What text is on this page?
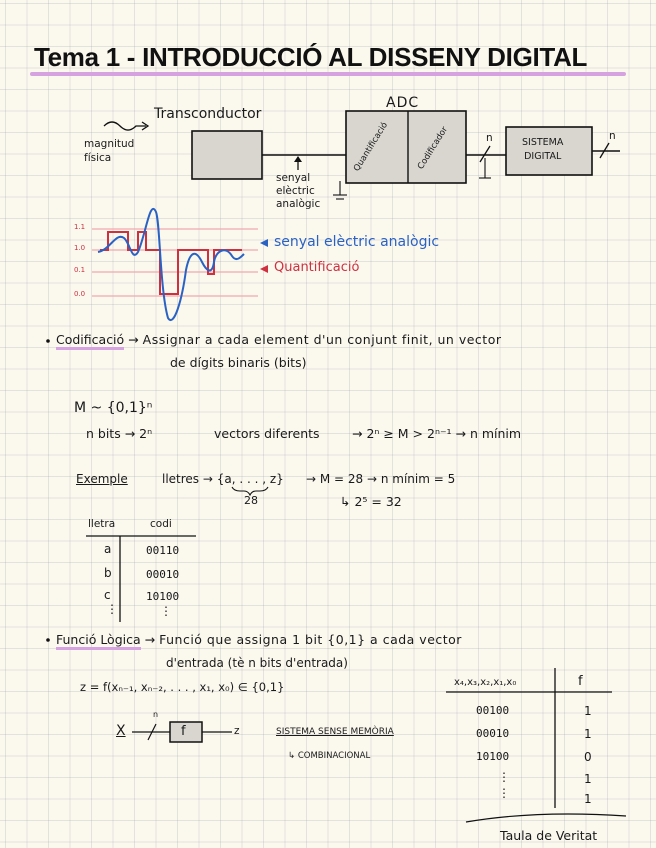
Tema 1 - INTRODUCCIÓ AL DISSENY DIGITAL
magnitud
física
Transconductor
senyal
elèctric
analògic
ADC
Quantificació	Codificador	n	SISTEMA
DIGITAL
n
1.1
1.0
0.1
0.0
senyal elèctric analògic
Quantificació
Codificació → Assignar a cada element d'un conjunt finit, un vector
de dígits binaris (bits)
M ~ {0,1}ⁿ
n bits → 2ⁿ	vectors diferents	→ 2ⁿ ≥ M > 2ⁿ⁻¹ → n mínim
Exemple	lletres → {a, . . . , z}
28
→ M = 28 → n mínim = 5
↳ 2⁵ = 32
lletra	codi
a	00110
b	00010
c	10100
⋮	⋮
Funció Lògica → Funció que assigna 1 bit {0,1} a cada vector
d'entrada (tè n bits d'entrada)
z = f(xₙ₋₁, xₙ₋₂, . . . , x₁, x₀) ∈ {0,1}
X
n
f	z	SISTEMA SENSE MEMÒRIA
↳ COMBINACIONAL
x₄,x₃,x₂,x₁,x₀	f
00100	1
00010	1
10100	0
⋮	1
⋮	1
Taula de Veritat
